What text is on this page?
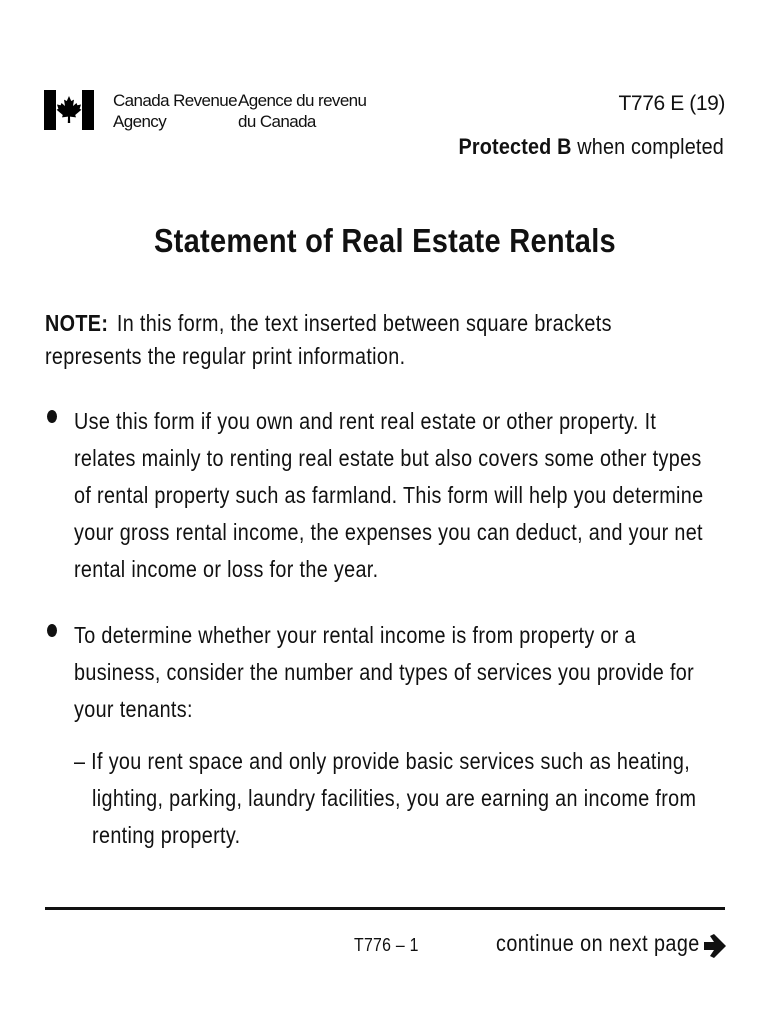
Canada Revenue
Agency
Agence du revenu
du Canada
T776 E (19)
Protected B when completed
Statement of Real Estate Rentals
NOTE: In this form, the text inserted between square brackets
represents the regular print information.
Use this form if you own and rent real estate or other property. It
relates mainly to renting real estate but also covers some other types
of rental property such as farmland. This form will help you determine
your gross rental income, the expenses you can deduct, and your net
rental income or loss for the year.
To determine whether your rental income is from property or a
business, consider the number and types of services you provide for
your tenants:
– If you rent space and only provide basic services such as heating,
lighting, parking, laundry facilities, you are earning an income from
renting property.
T776 – 1	continue on next page
